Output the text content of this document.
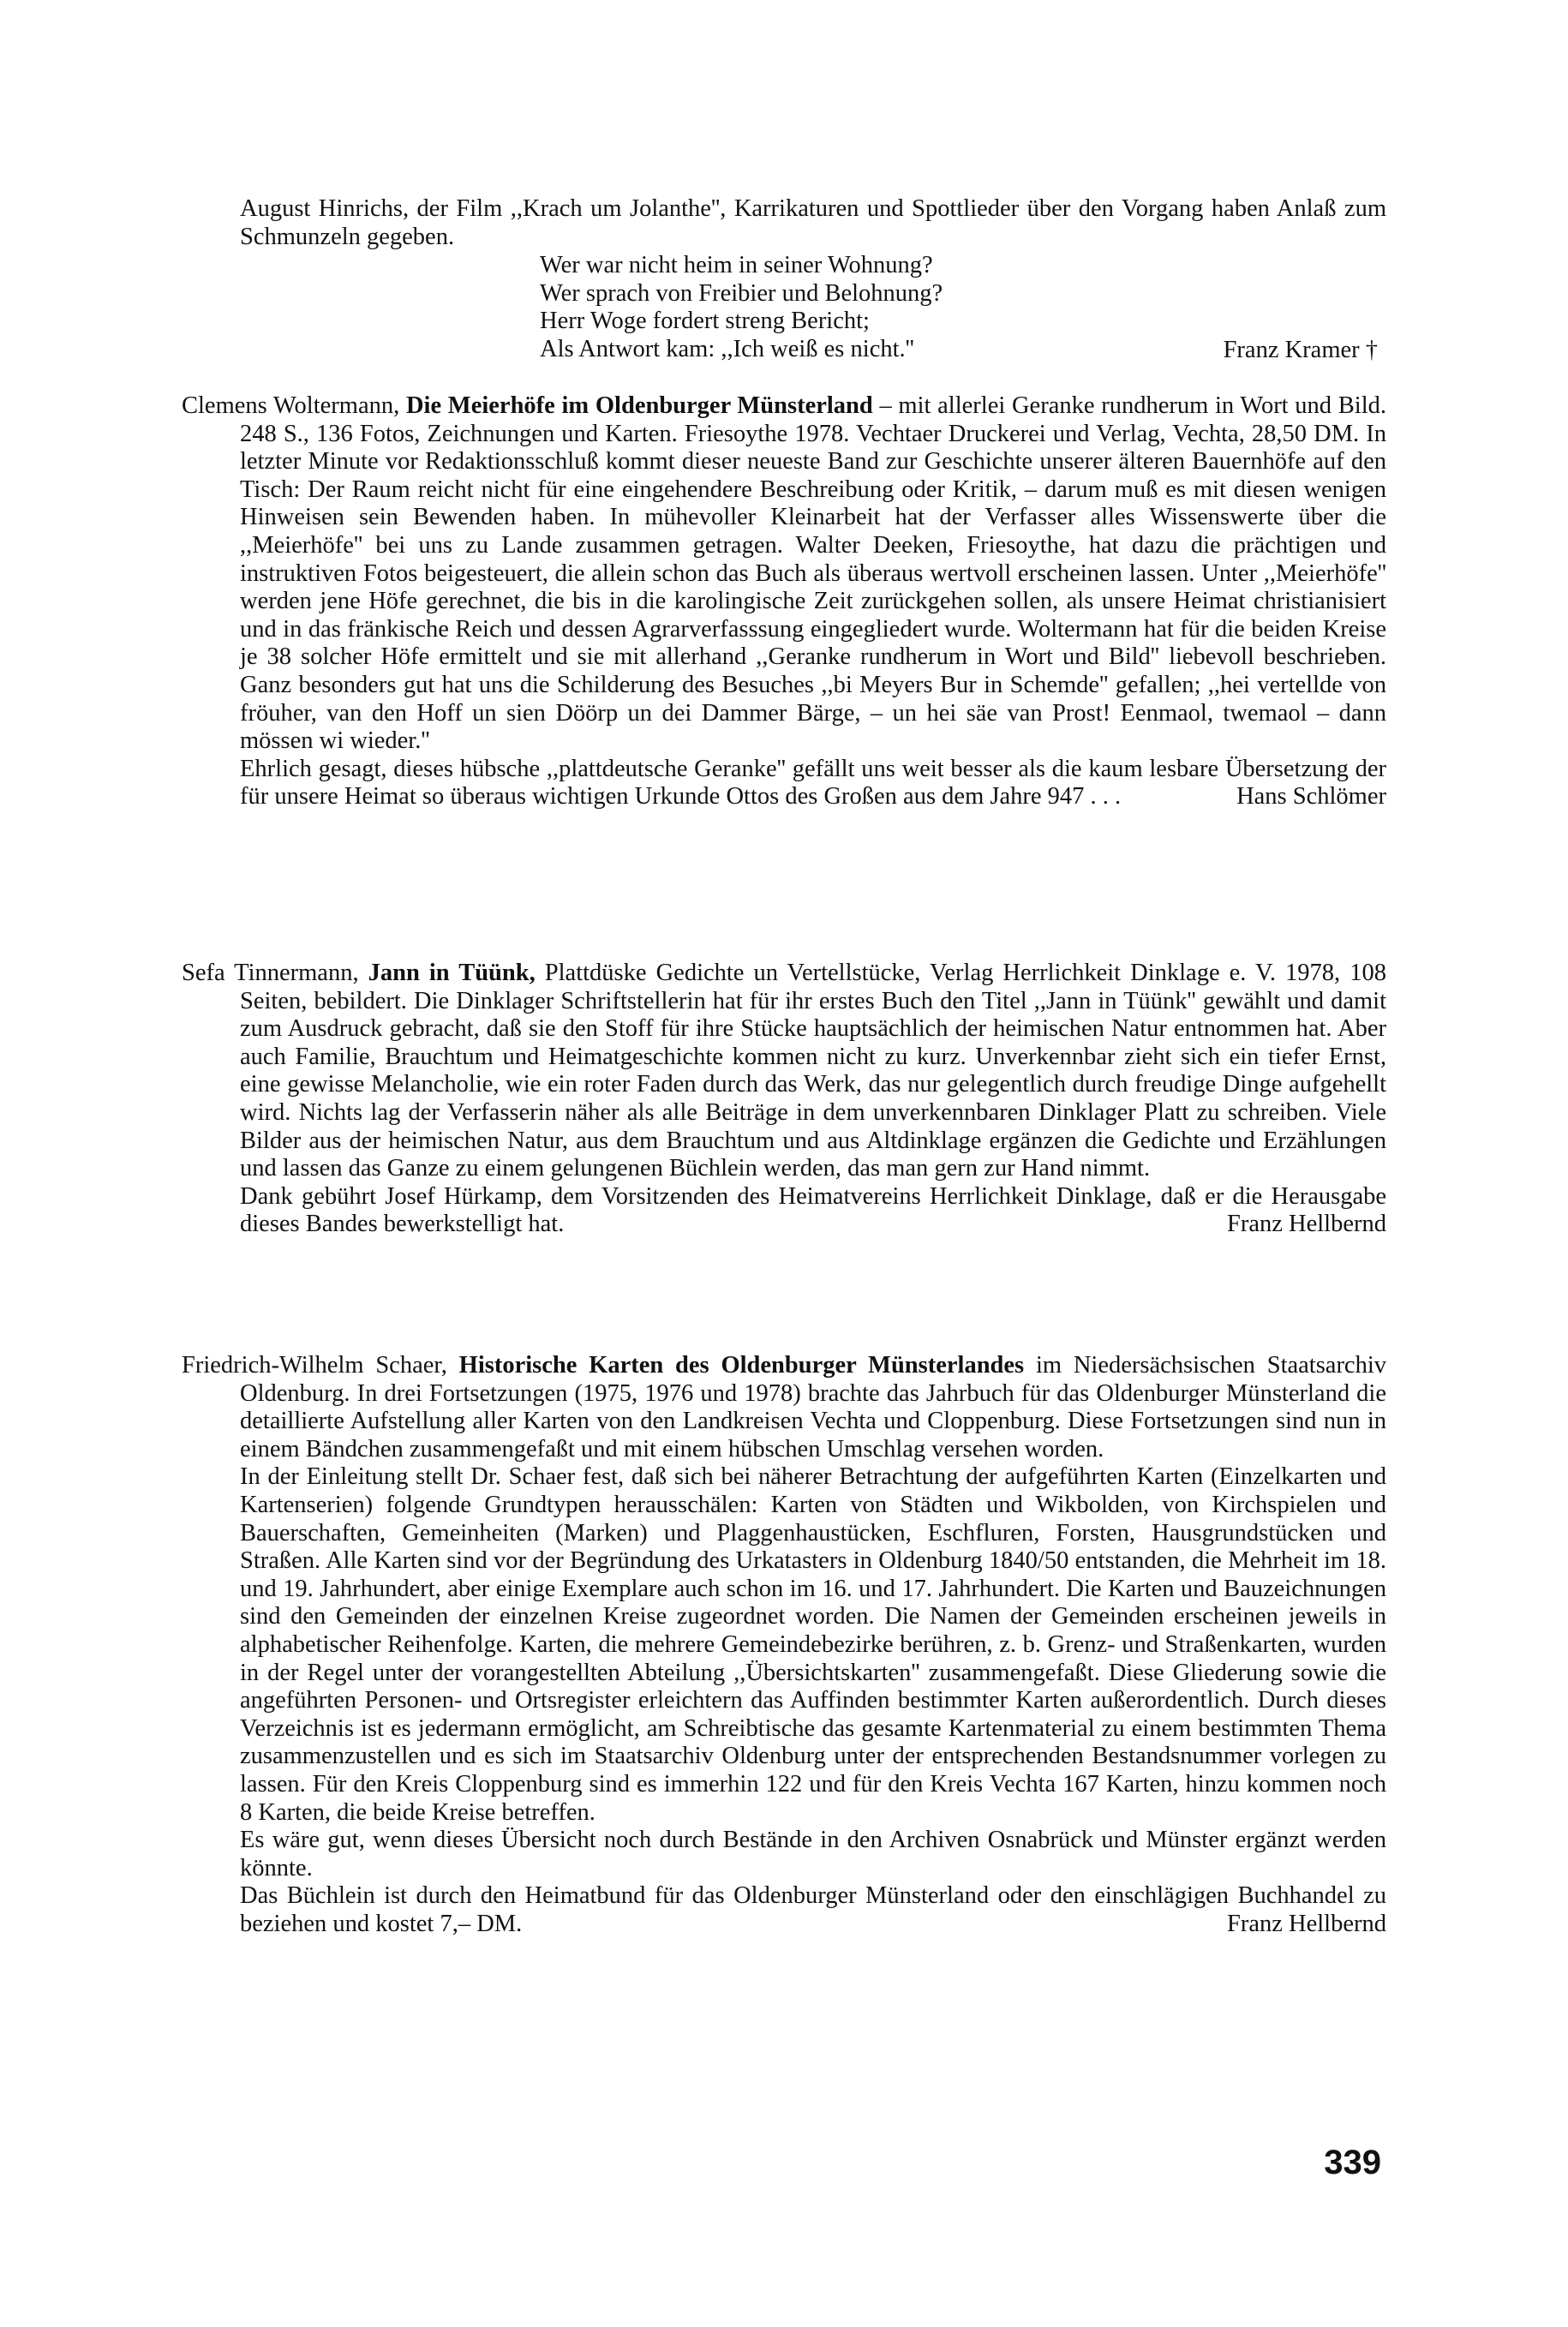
August Hinrichs, der Film ,,Krach um Jolanthe'', Karrikaturen und Spottlieder über den Vorgang haben Anlaß zum Schmunzeln gegeben.
Wer war nicht heim in seiner Wohnung?
Wer sprach von Freibier und Belohnung?
Herr Woge fordert streng Bericht;
Als Antwort kam: ,,Ich weiß es nicht.''	Franz Kramer †

Clemens Woltermann, Die Meierhöfe im Oldenburger Münsterland – mit allerlei Geranke rundherum in Wort und Bild. 248 S., 136 Fotos, Zeichnungen und Karten. Friesoythe 1978. Vechtaer Druckerei und Verlag, Vechta, 28,50 DM. In letzter Minute vor Redaktionsschluß kommt dieser neueste Band zur Geschichte unserer älteren Bauernhöfe auf den Tisch: Der Raum reicht nicht für eine eingehendere Beschreibung oder Kritik, – darum muß es mit diesen wenigen Hinweisen sein Bewenden haben. In mühevoller Kleinarbeit hat der Verfasser alles Wissenswerte über die ,,Meierhöfe'' bei uns zu Lande zusammen getragen. Walter Deeken, Friesoythe, hat dazu die prächtigen und instruktiven Fotos beigesteuert, die allein schon das Buch als überaus wertvoll erscheinen lassen. Unter ,,Meierhöfe'' werden jene Höfe gerechnet, die bis in die karolingische Zeit zurückgehen sollen, als unsere Heimat christianisiert und in das fränkische Reich und dessen Agrarverfasssung eingegliedert wurde. Woltermann hat für die beiden Kreise je 38 solcher Höfe ermittelt und sie mit allerhand ,,Geranke rundherum in Wort und Bild'' liebevoll beschrieben. Ganz besonders gut hat uns die Schilderung des Besuches ,,bi Meyers Bur in Schemde'' gefallen; ,,hei vertellde von fröuher, van den Hoff un sien Döörp un dei Dammer Bärge, – un hei säe van Prost! Eenmaol, twemaol – dann mössen wi wieder.''

Ehrlich gesagt, dieses hübsche ,,plattdeutsche Geranke'' gefällt uns weit besser als die kaum lesbare Übersetzung der für unsere Heimat so überaus wichtigen Urkunde Ottos des Großen aus dem Jahre 947 . . .	Hans Schlömer

Sefa Tinnermann, Jann in Tüünk, Plattdüske Gedichte un Vertellstücke, Verlag Herrlichkeit Dinklage e. V. 1978, 108 Seiten, bebildert. Die Dinklager Schriftstellerin hat für ihr erstes Buch den Titel ,,Jann in Tüünk'' gewählt und damit zum Ausdruck gebracht, daß sie den Stoff für ihre Stücke hauptsächlich der heimischen Natur entnommen hat. Aber auch Familie, Brauchtum und Heimatgeschichte kommen nicht zu kurz. Unverkennbar zieht sich ein tiefer Ernst, eine gewisse Melancholie, wie ein roter Faden durch das Werk, das nur gelegentlich durch freudige Dinge aufgehellt wird. Nichts lag der Verfasserin näher als alle Beiträge in dem unverkennbaren Dinklager Platt zu schreiben. Viele Bilder aus der heimischen Natur, aus dem Brauchtum und aus Altdinklage ergänzen die Gedichte und Erzählungen und lassen das Ganze zu einem gelungenen Büchlein werden, das man gern zur Hand nimmt.

Dank gebührt Josef Hürkamp, dem Vorsitzenden des Heimatvereins Herrlichkeit Dinklage, daß er die Herausgabe dieses Bandes bewerkstelligt hat.	Franz Hellbernd

Friedrich-Wilhelm Schaer, Historische Karten des Oldenburger Münsterlandes im Niedersächsischen Staatsarchiv Oldenburg. In drei Fortsetzungen (1975, 1976 und 1978) brachte das Jahrbuch für das Oldenburger Münsterland die detaillierte Aufstellung aller Karten von den Landkreisen Vechta und Cloppenburg. Diese Fortsetzungen sind nun in einem Bändchen zusammengefaßt und mit einem hübschen Umschlag versehen worden.

In der Einleitung stellt Dr. Schaer fest, daß sich bei näherer Betrachtung der aufgeführten Karten (Einzelkarten und Kartenserien) folgende Grundtypen herausschälen: Karten von Städten und Wikbolden, von Kirchspielen und Bauerschaften, Gemeinheiten (Marken) und Plaggenhaustücken, Eschfluren, Forsten, Hausgrundstücken und Straßen. Alle Karten sind vor der Begründung des Urkatasters in Oldenburg 1840/50 entstanden, die Mehrheit im 18. und 19. Jahrhundert, aber einige Exemplare auch schon im 16. und 17. Jahrhundert. Die Karten und Bauzeichnungen sind den Gemeinden der einzelnen Kreise zugeordnet worden. Die Namen der Gemeinden erscheinen jeweils in alphabetischer Reihenfolge. Karten, die mehrere Gemeindebezirke berühren, z. b. Grenz- und Straßenkarten, wurden in der Regel unter der vorangestellten Abteilung ,,Übersichtskarten'' zusammengefaßt. Diese Gliederung sowie die angeführten Personen- und Ortsregister erleichtern das Auffinden bestimmter Karten außerordentlich. Durch dieses Verzeichnis ist es jedermann ermöglicht, am Schreibtische das gesamte Kartenmaterial zu einem bestimmten Thema zusammenzustellen und es sich im Staatsarchiv Oldenburg unter der entsprechenden Bestandsnummer vorlegen zu lassen. Für den Kreis Cloppenburg sind es immerhin 122 und für den Kreis Vechta 167 Karten, hinzu kommen noch 8 Karten, die beide Kreise betreffen.

Es wäre gut, wenn dieses Übersicht noch durch Bestände in den Archiven Osnabrück und Münster ergänzt werden könnte.

Das Büchlein ist durch den Heimatbund für das Oldenburger Münsterland oder den einschlägigen Buchhandel zu beziehen und kostet 7,– DM.	Franz Hellbernd

339
